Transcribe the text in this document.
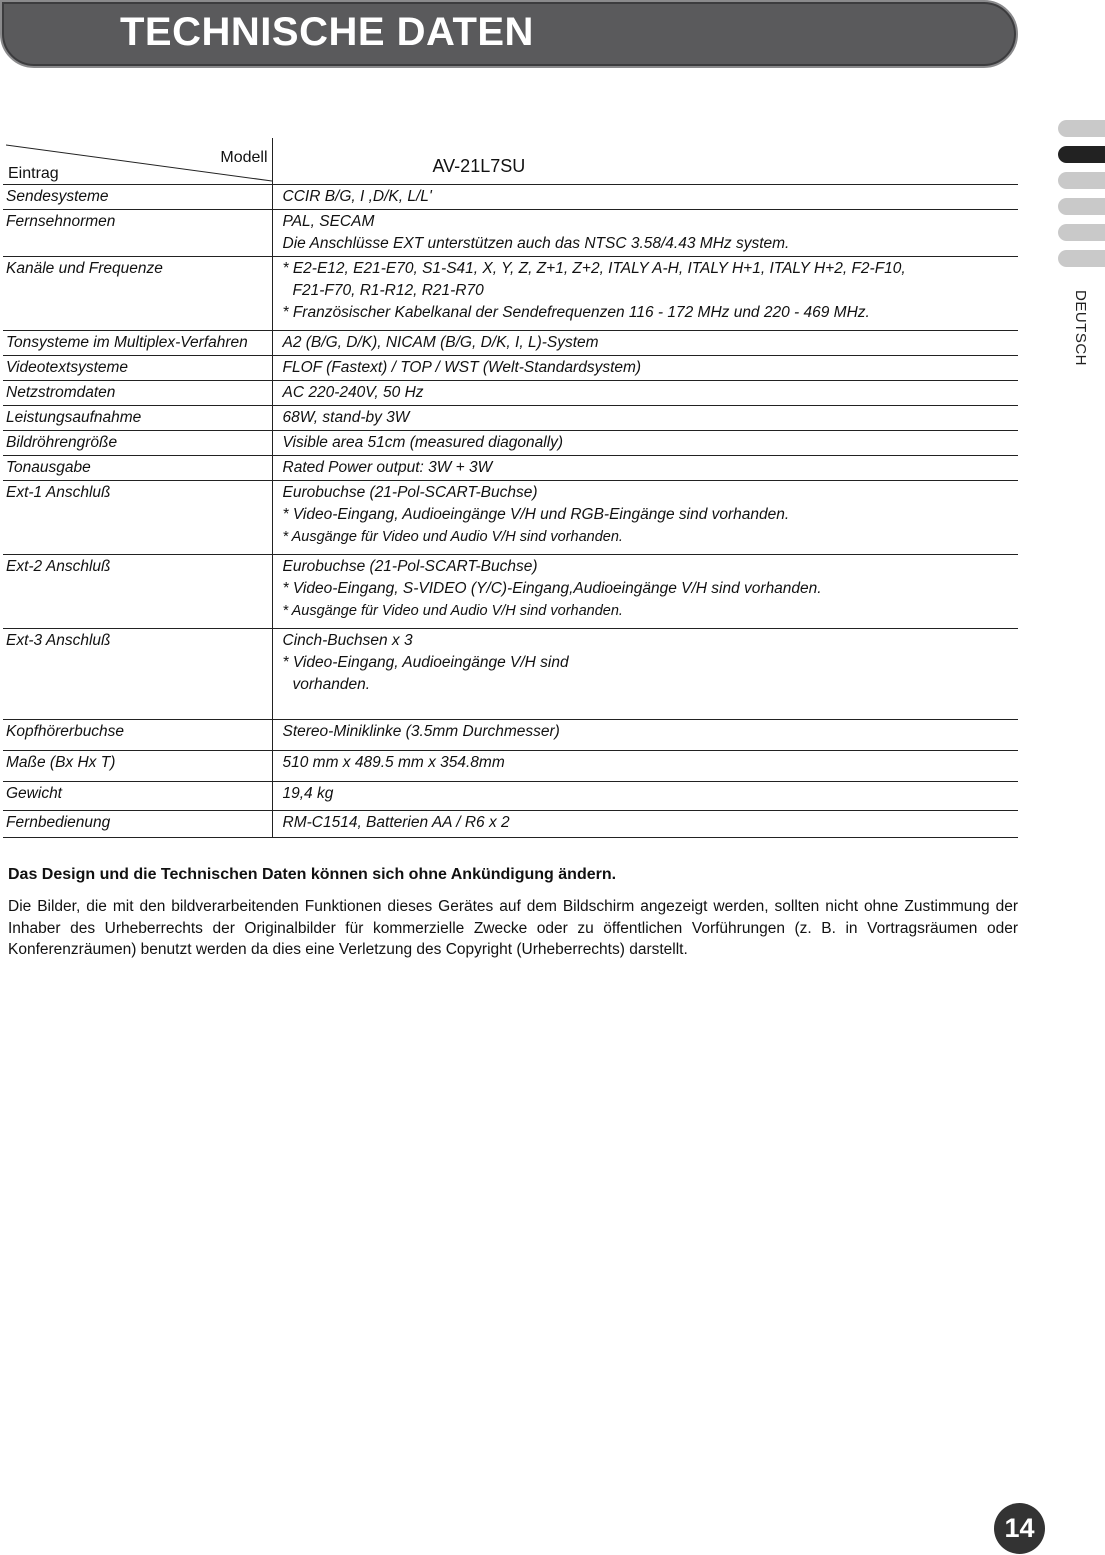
TECHNISCHE DATEN
DEUTSCH
Modell
Eintrag	AV-21L7SU

Sendesysteme	CCIR B/G, I ,D/K, L/L'

Fernsehnormen	PAL, SECAM
Die Anschlüsse EXT unterstützen auch das NTSC 3.58/4.43 MHz system.

Kanäle und Frequenze	* E2-E12, E21-E70, S1-S41, X, Y, Z, Z+1, Z+2, ITALY A-H, ITALY H+1, ITALY H+2, F2-F10,
F21-F70, R1-R12, R21-R70
* Französischer Kabelkanal der Sendefrequenzen 116 - 172 MHz und 220 - 469 MHz.

Tonsysteme im Multiplex-Verfahren	A2 (B/G, D/K), NICAM (B/G, D/K, I, L)-System

Videotextsysteme	FLOF (Fastext) / TOP / WST (Welt-Standardsystem)

Netzstromdaten	AC 220-240V, 50 Hz

Leistungsaufnahme	68W, stand-by 3W

Bildröhrengröße	Visible area 51cm (measured diagonally)

Tonausgabe	Rated Power output: 3W + 3W

Ext-1 Anschluß	Eurobuchse (21-Pol-SCART-Buchse)
* Video-Eingang, Audioeingänge V/H und RGB-Eingänge sind vorhanden.
* Ausgänge für Video und Audio V/H sind vorhanden.

Ext-2 Anschluß	Eurobuchse (21-Pol-SCART-Buchse)
* Video-Eingang, S-VIDEO (Y/C)-Eingang,Audioeingänge V/H sind vorhanden.
* Ausgänge für Video und Audio V/H sind vorhanden.

Ext-3 Anschluß	Cinch-Buchsen x 3
* Video-Eingang, Audioeingänge V/H sind
vorhanden.

Kopfhörerbuchse	Stereo-Miniklinke (3.5mm Durchmesser)

Maße (Bx Hx T)	510 mm x 489.5 mm x 354.8mm

Gewicht	19,4 kg

Fernbedienung	RM-C1514, Batterien AA / R6 x 2
Das Design und die Technischen Daten können sich ohne Ankündigung ändern.
Die Bilder, die mit den bildverarbeitenden Funktionen dieses Gerätes auf dem Bildschirm angezeigt werden, sollten nicht ohne Zustimmung der Inhaber des Urheberrechts der Originalbilder für kommerzielle Zwecke oder zu öffentlichen Vorführungen (z. B. in Vortragsräumen oder Konferenzräumen) benutzt werden da dies eine Verletzung des Copyright (Urheberrechts) darstellt.
14
